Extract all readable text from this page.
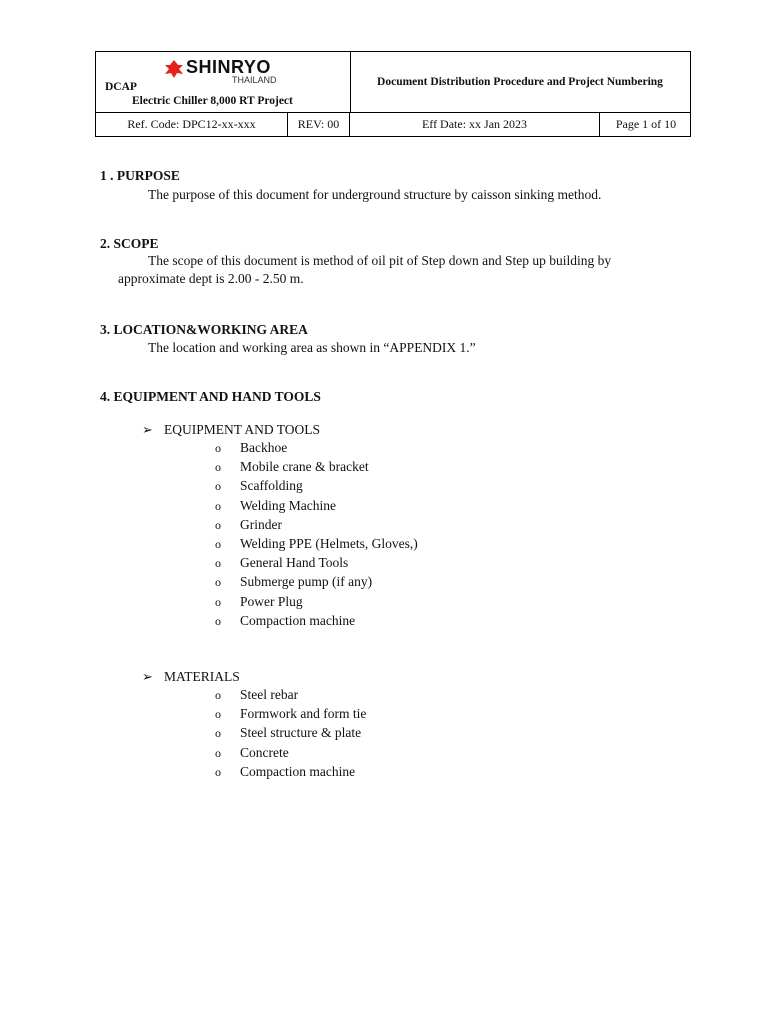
SHINRYO
THAILAND
DCAP
Electric Chiller 8,000 RT Project
Document Distribution Procedure and Project Numbering
Ref. Code: DPC12-xx-xxx	REV: 00	Eff Date: xx Jan 2023	Page 1 of 10
1 . PURPOSE
The purpose of this document for underground structure by caisson sinking method.
2. SCOPE
The scope of this document is method of oil pit of Step down and Step up building by
approximate dept is 2.00 - 2.50 m.
3. LOCATION&WORKING AREA
The location and working area as shown in “APPENDIX 1.”
4. EQUIPMENT AND HAND TOOLS
➢ EQUIPMENT AND TOOLS
o Backhoe
o Mobile crane & bracket
o Scaffolding
o Welding Machine
o Grinder
o Welding PPE (Helmets, Gloves,)
o General Hand Tools
o Submerge pump (if any)
o Power Plug
o Compaction machine
➢ MATERIALS
o Steel rebar
o Formwork and form tie
o Steel structure & plate
o Concrete
o Compaction machine
